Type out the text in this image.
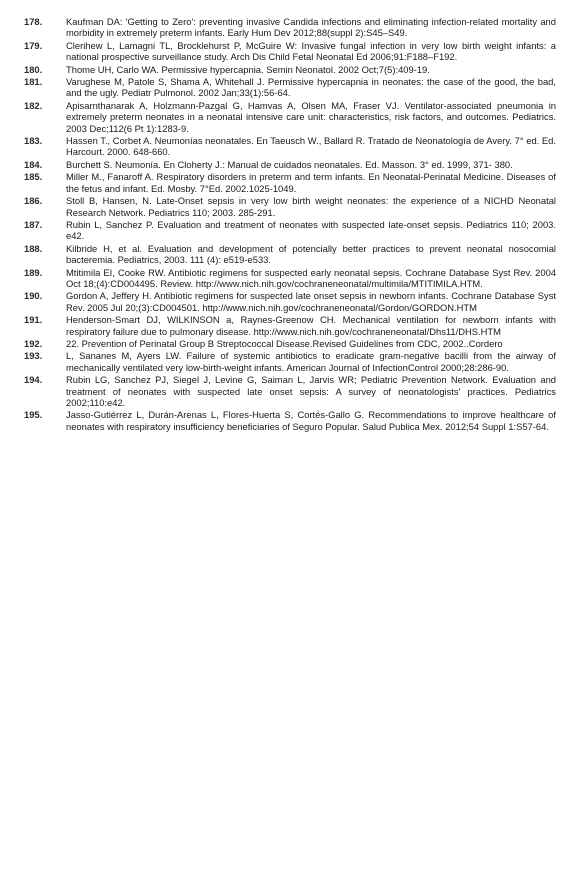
178.	Kaufman DA: 'Getting to Zero': preventing invasive Candida infections and eliminating infection-related mortality and morbidity in extremely preterm infants. Early Hum Dev 2012;88(suppl 2):S45–S49.
179.	Clerihew L, Lamagni TL, Brocklehurst P, McGuire W: Invasive fungal infection in very low birth weight infants: a national prospective surveillance study. Arch Dis Child Fetal Neonatal Ed 2006;91:F188–F192.
180.	Thome UH, Carlo WA. Permissive hypercapnia. Semin Neonatol. 2002 Oct;7(5):409-19.
181.	Varughese M, Patole S, Shama A, Whitehall J. Permissive hypercapnia in neonates: the case of the good, the bad, and the ugly. Pediatr Pulmonol. 2002 Jan;33(1):56-64.
182.	Apisarnthanarak A, Holzmann-Pazgal G, Hamvas A, Olsen MA, Fraser VJ. Ventilator-associated pneumonia in extremely preterm neonates in a neonatal intensive care unit: characteristics, risk factors, and outcomes. Pediatrics. 2003 Dec;112(6 Pt 1):1283-9.
183.	Hassen T., Corbet A. Neumonías neonatales. En Taeusch W., Ballard R. Tratado de Neonatología de Avery. 7° ed. Ed. Harcourt. 2000. 648-660.
184.	Burchett S. Neumonía. En Cloherty J.: Manual de cuidados neonatales. Ed. Masson. 3° ed. 1999, 371- 380.
185.	Miller M., Fanaroff A. Respiratory disorders in preterm and term infants. En Neonatal-Perinatal Medicine. Diseases of the fetus and infant. Ed. Mosby. 7°Ed. 2002.1025-1049.
186.	Stoll B, Hansen, N. Late-Onset sepsis in very low birth weight neonates: the experience of a NICHD Neonatal Research Network. Pediatrics 110; 2003. 285-291.
187.	Rubin L, Sanchez P. Evaluation and treatment of neonates with suspected late-onset sepsis. Pediatrics 110; 2003. e42.
188.	Kilbride H, et al. Evaluation and development of potencially better practices to prevent neonatal nosocomial bacteremia. Pediatrics, 2003. 111 (4): e519-e533.
189.	Mtitimila EI, Cooke RW. Antibiotic regimens for suspected early neonatal sepsis. Cochrane Database Syst Rev. 2004 Oct 18;(4):CD004495. Review. http://www.nich.nih.gov/cochraneneonatal/multimila/MTITIMILA.HTM.
190.	Gordon A, Jeffery H. Antibiotic regimens for suspected late onset sepsis in newborn infants. Cochrane Database Syst Rev. 2005 Jul 20;(3):CD004501. http://www.nich.nih.gov/cochraneneonatal/Gordon/GORDON.HTM
191.	Henderson-Smart DJ, WILKINSON a, Raynes-Greenow CH. Mechanical ventilation for newborn infants with respiratory failure due to pulmonary disease. http://www.nich.nih.gov/cochraneneonatal/Dhs11/DHS.HTM
192.	22. Prevention of Perinatal Group B Streptococcal Disease.Revised Guidelines from CDC, 2002..Cordero
193.	L, Sananes M, Ayers LW. Failure of systemic antibiotics to eradicate gram-negative bacilli from the airway of mechanically ventilated very low-birth-weight infants. American Journal of InfectionControl 2000;28:286-90.
194.	Rubin LG, Sanchez PJ, Siegel J, Levine G, Saiman L, Jarvis WR; Pediatric Prevention Network. Evaluation and treatment of neonates with suspected late onset sepsis: A survey of neonatologists' practices. Pediatrics 2002;110:e42.
195.	Jasso-Gutiérrez L, Durán-Arenas L, Flores-Huerta S, Cortés-Gallo G. Recommendations to improve healthcare of neonates with respiratory insufficiency beneficiaries of Seguro Popular. Salud Publica Mex. 2012;54 Suppl 1:S57-64.
